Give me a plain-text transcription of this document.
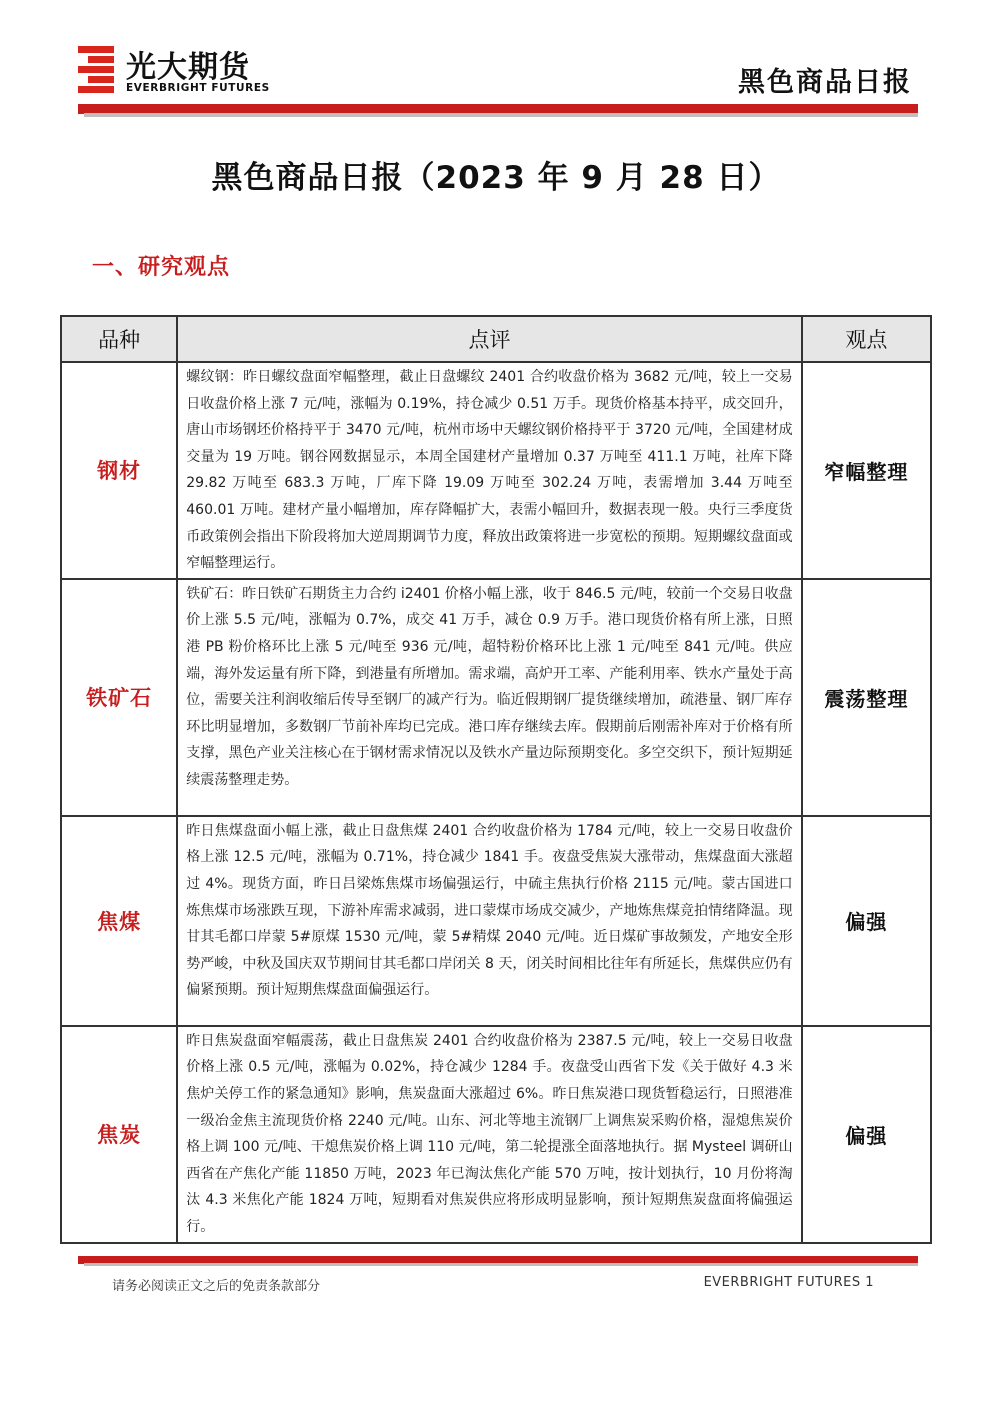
光大期货
EVERBRIGHT FUTURES	黑色商品日报
黑色商品日报（2023 年 9 月 28 日）
一、研究观点
品种	点评	观点
钢材	螺纹钢：昨日螺纹盘面窄幅整理，截止日盘螺纹 2401 合约收盘价格为 3682 元/吨，较上一交易日收盘价格上涨 7 元/吨，涨幅为 0.19%，持仓减少 0.51 万手。现货价格基本持平，成交回升，唐山市场钢坯价格持平于 3470 元/吨，杭州市场中天螺纹钢价格持平于 3720 元/吨，全国建材成交量为 19 万吨。钢谷网数据显示，本周全国建材产量增加 0.37 万吨至 411.1 万吨，社库下降 29.82 万吨至 683.3 万吨，厂库下降 19.09 万吨至 302.24 万吨，表需增加 3.44 万吨至 460.01 万吨。建材产量小幅增加，库存降幅扩大，表需小幅回升，数据表现一般。央行三季度货币政策例会指出下阶段将加大逆周期调节力度，释放出政策将进一步宽松的预期。短期螺纹盘面或窄幅整理运行。	窄幅整理
铁矿石	铁矿石：昨日铁矿石期货主力合约 i2401 价格小幅上涨，收于 846.5 元/吨，较前一个交易日收盘价上涨 5.5 元/吨，涨幅为 0.7%，成交 41 万手，减仓 0.9 万手。港口现货价格有所上涨，日照港 PB 粉价格环比上涨 5 元/吨至 936 元/吨，超特粉价格环比上涨 1 元/吨至 841 元/吨。供应端，海外发运量有所下降，到港量有所增加。需求端，高炉开工率、产能利用率、铁水产量处于高位，需要关注利润收缩后传导至钢厂的减产行为。临近假期钢厂提货继续增加，疏港量、钢厂库存环比明显增加，多数钢厂节前补库均已完成。港口库存继续去库。假期前后刚需补库对于价格有所支撑，黑色产业关注核心在于钢材需求情况以及铁水产量边际预期变化。多空交织下，预计短期延续震荡整理走势。	震荡整理
焦煤	昨日焦煤盘面小幅上涨，截止日盘焦煤 2401 合约收盘价格为 1784 元/吨，较上一交易日收盘价格上涨 12.5 元/吨，涨幅为 0.71%，持仓减少 1841 手。夜盘受焦炭大涨带动，焦煤盘面大涨超过 4%。现货方面，昨日吕梁炼焦煤市场偏强运行，中硫主焦执行价格 2115 元/吨。蒙古国进口炼焦煤市场涨跌互现，下游补库需求减弱，进口蒙煤市场成交减少，产地炼焦煤竞拍情绪降温。现甘其毛都口岸蒙 5#原煤 1530 元/吨，蒙 5#精煤 2040 元/吨。近日煤矿事故频发，产地安全形势严峻，中秋及国庆双节期间甘其毛都口岸闭关 8 天，闭关时间相比往年有所延长，焦煤供应仍有偏紧预期。预计短期焦煤盘面偏强运行。	偏强
焦炭	昨日焦炭盘面窄幅震荡，截止日盘焦炭 2401 合约收盘价格为 2387.5 元/吨，较上一交易日收盘价格上涨 0.5 元/吨，涨幅为 0.02%，持仓减少 1284 手。夜盘受山西省下发《关于做好 4.3 米焦炉关停工作的紧急通知》影响，焦炭盘面大涨超过 6%。昨日焦炭港口现货暂稳运行，日照港准一级冶金焦主流现货价格 2240 元/吨。山东、河北等地主流钢厂上调焦炭采购价格，湿熄焦炭价格上调 100 元/吨、干熄焦炭价格上调 110 元/吨，第二轮提涨全面落地执行。据 Mysteel 调研山西省在产焦化产能 11850 万吨，2023 年已淘汰焦化产能 570 万吨，按计划执行，10 月份将淘汰 4.3 米焦化产能 1824 万吨，短期看对焦炭供应将形成明显影响，预计短期焦炭盘面将偏强运行。	偏强
请务必阅读正文之后的免责条款部分	EVERBRIGHT FUTURES 1
